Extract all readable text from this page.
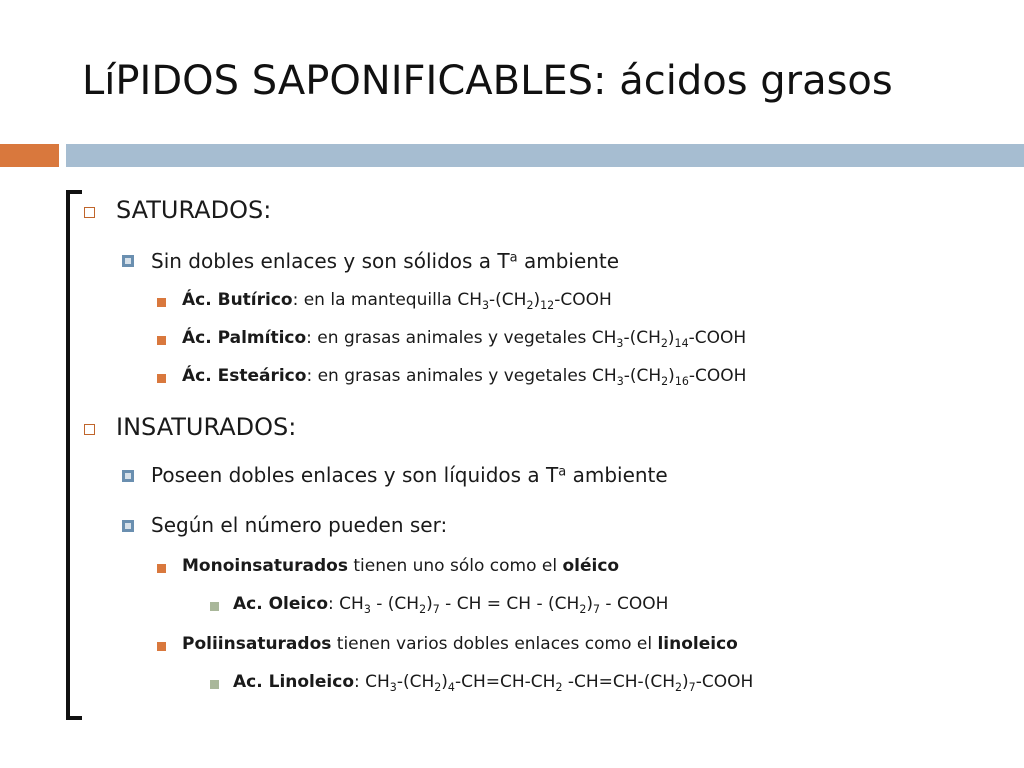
LíPIDOS SAPONIFICABLES: ácidos grasos
SATURADOS:
Sin dobles enlaces y son sólidos a $T^a$ ambiente
Ác. Butírico: en la mantequilla $CH_3-(CH_2)_{12}$-COOH
Ác. Palmítico: en grasas animales y vegetales $CH_3-(CH_2)_{14}$-COOH
Ác. Esteárico: en grasas animales y vegetales $CH_3-(CH_2)_{16}$-COOH
INSATURADOS:
Poseen dobles enlaces y son líquidos a $T^a$ ambiente
Según el número pueden ser:
Monoinsaturados tienen uno sólo como el oléico
Ac. Oleico: $CH_3 - (CH_2)_7$ - CH = CH - $(CH_2)_7$ - COOH
Poliinsaturados tienen varios dobles enlaces como el linoleico
Ac. Linoleico: $CH_3-(CH_2)_4-CH=CH-CH_2$ $-CH=CH-(CH_2)_7$-COOH
